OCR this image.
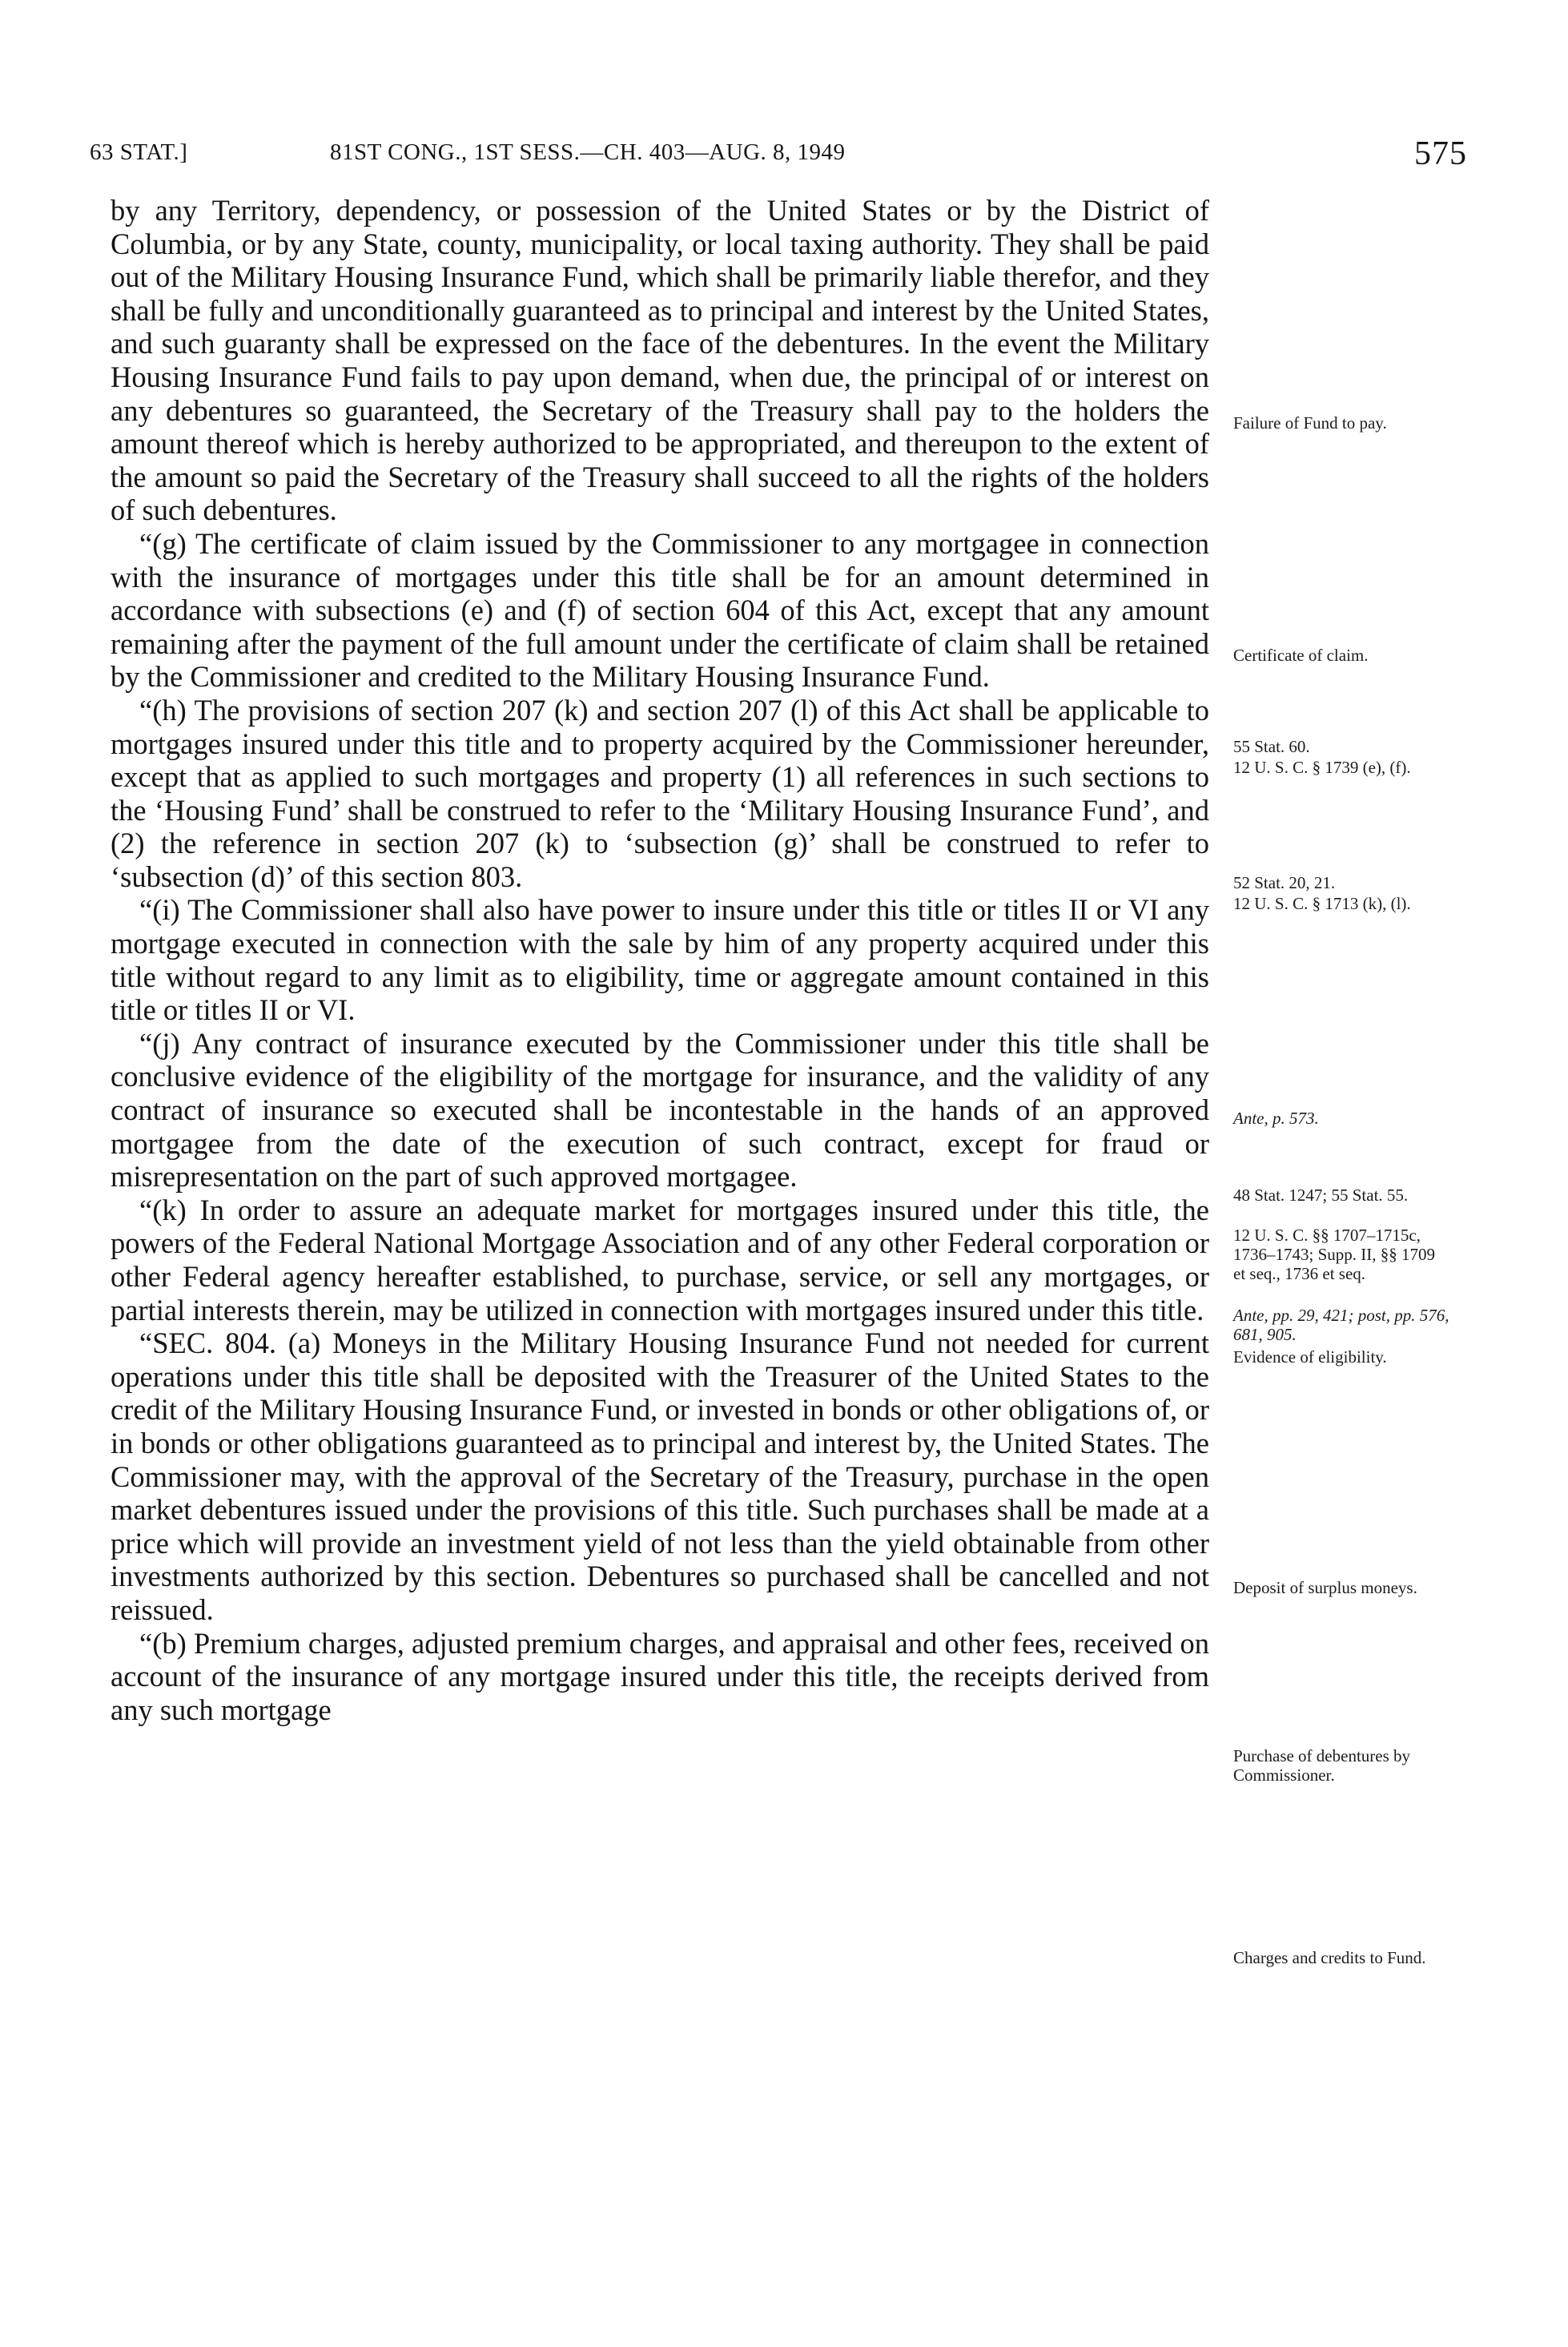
63 STAT.]	81ST CONG., 1ST SESS.—CH. 403—AUG. 8, 1949	575

by any Territory, dependency, or possession of the United States or by the District of Columbia, or by any State, county, municipality, or local taxing authority. They shall be paid out of the Military Housing Insurance Fund, which shall be primarily liable therefor, and they shall be fully and unconditionally guaranteed as to principal and interest by the United States, and such guaranty shall be expressed on the face of the debentures. In the event the Military Housing Insurance Fund fails to pay upon demand, when due, the principal of or interest on any debentures so guaranteed, the Secretary of the Treasury shall pay to the holders the amount thereof which is hereby authorized to be appropriated, and thereupon to the extent of the amount so paid the Secretary of the Treasury shall succeed to all the rights of the holders of such debentures.

“(g) The certificate of claim issued by the Commissioner to any mortgagee in connection with the insurance of mortgages under this title shall be for an amount determined in accordance with subsections (e) and (f) of section 604 of this Act, except that any amount remaining after the payment of the full amount under the certificate of claim shall be retained by the Commissioner and credited to the Military Housing Insurance Fund.

“(h) The provisions of section 207 (k) and section 207 (l) of this Act shall be applicable to mortgages insured under this title and to property acquired by the Commissioner hereunder, except that as applied to such mortgages and property (1) all references in such sections to the ‘Housing Fund’ shall be construed to refer to the ‘Military Housing Insurance Fund’, and (2) the reference in section 207 (k) to ‘subsection (g)’ shall be construed to refer to ‘subsection (d)’ of this section 803.

“(i) The Commissioner shall also have power to insure under this title or titles II or VI any mortgage executed in connection with the sale by him of any property acquired under this title without regard to any limit as to eligibility, time or aggregate amount contained in this title or titles II or VI.

“(j) Any contract of insurance executed by the Commissioner under this title shall be conclusive evidence of the eligibility of the mortgage for insurance, and the validity of any contract of insurance so executed shall be incontestable in the hands of an approved mortgagee from the date of the execution of such contract, except for fraud or misrepresentation on the part of such approved mortgagee.

“(k) In order to assure an adequate market for mortgages insured under this title, the powers of the Federal National Mortgage Association and of any other Federal corporation or other Federal agency hereafter established, to purchase, service, or sell any mortgages, or partial interests therein, may be utilized in connection with mortgages insured under this title.

“SEC. 804. (a) Moneys in the Military Housing Insurance Fund not needed for current operations under this title shall be deposited with the Treasurer of the United States to the credit of the Military Housing Insurance Fund, or invested in bonds or other obligations of, or in bonds or other obligations guaranteed as to principal and interest by, the United States. The Commissioner may, with the approval of the Secretary of the Treasury, purchase in the open market debentures issued under the provisions of this title. Such purchases shall be made at a price which will provide an investment yield of not less than the yield obtainable from other investments authorized by this section. Debentures so purchased shall be cancelled and not reissued.

“(b) Premium charges, adjusted premium charges, and appraisal and other fees, received on account of the insurance of any mortgage insured under this title, the receipts derived from any such mortgage

Failure of Fund to pay.
Certificate of claim.
55 Stat. 60.
12 U. S. C. § 1739 (e), (f).
52 Stat. 20, 21.
12 U. S. C. § 1713 (k), (l).
Ante, p. 573.
48 Stat. 1247; 55 Stat. 55.
12 U. S. C. §§ 1707–1715c, 1736–1743; Supp. II, §§ 1709 et seq., 1736 et seq.
Ante, pp. 29, 421; post, pp. 576, 681, 905.
Evidence of eligibility.
Deposit of surplus moneys.
Purchase of debentures by Commissioner.
Charges and credits to Fund.
